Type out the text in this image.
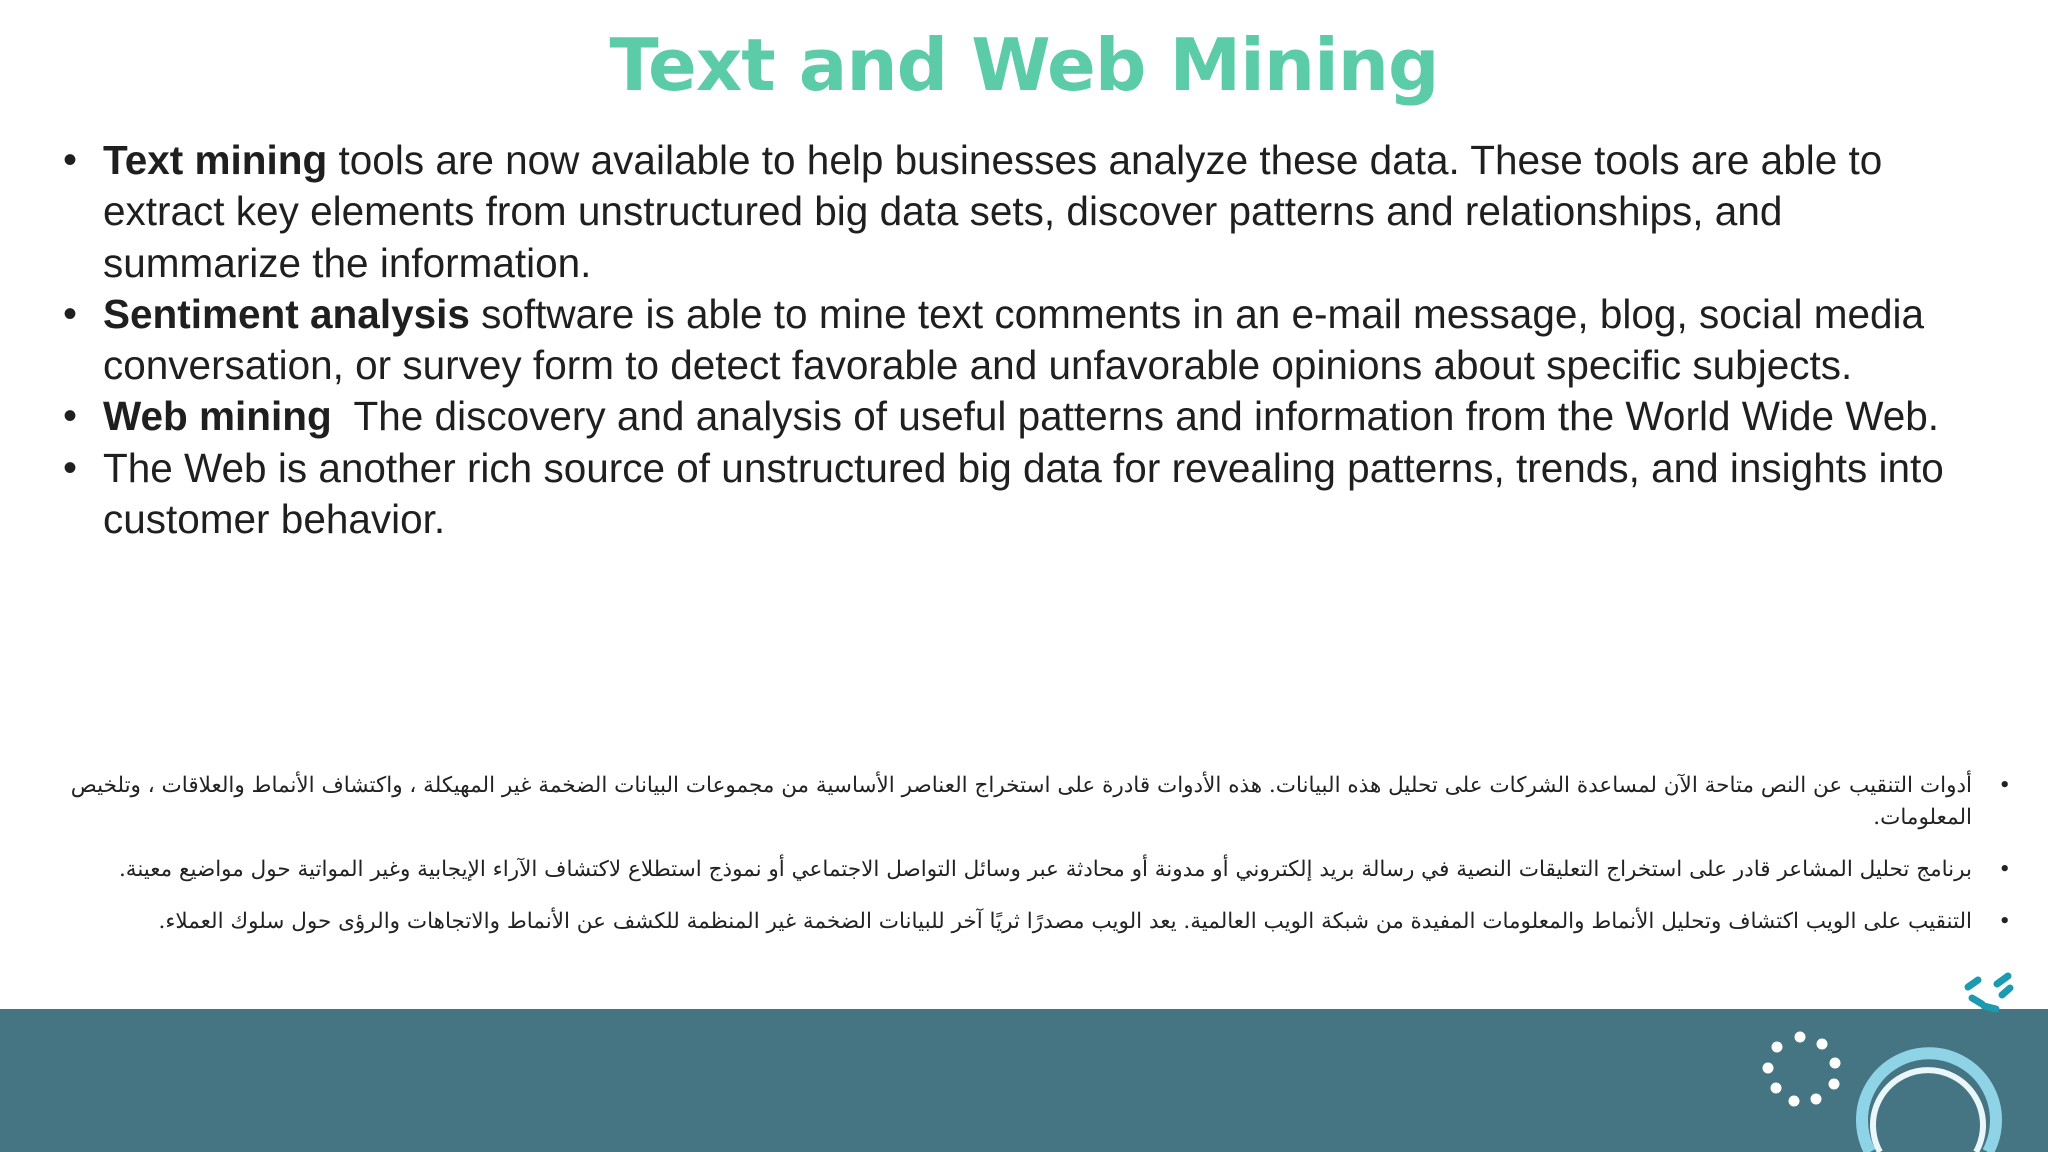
Text and Web Mining
• Text mining tools are now available to help businesses analyze these data. These tools are able to extract key elements from unstructured big data sets, discover patterns and relationships, and summarize the information.
• Sentiment analysis software is able to mine text comments in an e-mail message, blog, social media conversation, or survey form to detect favorable and unfavorable opinions about specific subjects.
• Web mining  The discovery and analysis of useful patterns and information from the World Wide Web.
• The Web is another rich source of unstructured big data for revealing patterns, trends, and insights into customer behavior.
•
أدوات التنقيب عن النص متاحة الآن لمساعدة الشركات على تحليل هذه البيانات. هذه الأدوات قادرة على استخراج العناصر الأساسية من مجموعات البيانات الضخمة غير المهيكلة ، واكتشاف الأنماط والعلاقات ، وتلخيص المعلومات.
•
برنامج تحليل المشاعر قادر على استخراج التعليقات النصية في رسالة بريد إلكتروني أو مدونة أو محادثة عبر وسائل التواصل الاجتماعي أو نموذج استطلاع لاكتشاف الآراء الإيجابية وغير المواتية حول مواضيع معينة.
•
التنقيب على الويب اكتشاف وتحليل الأنماط والمعلومات المفيدة من شبكة الويب العالمية. يعد الويب مصدرًا ثريًا آخر للبيانات الضخمة غير المنظمة للكشف عن الأنماط والاتجاهات والرؤى حول سلوك العملاء.
